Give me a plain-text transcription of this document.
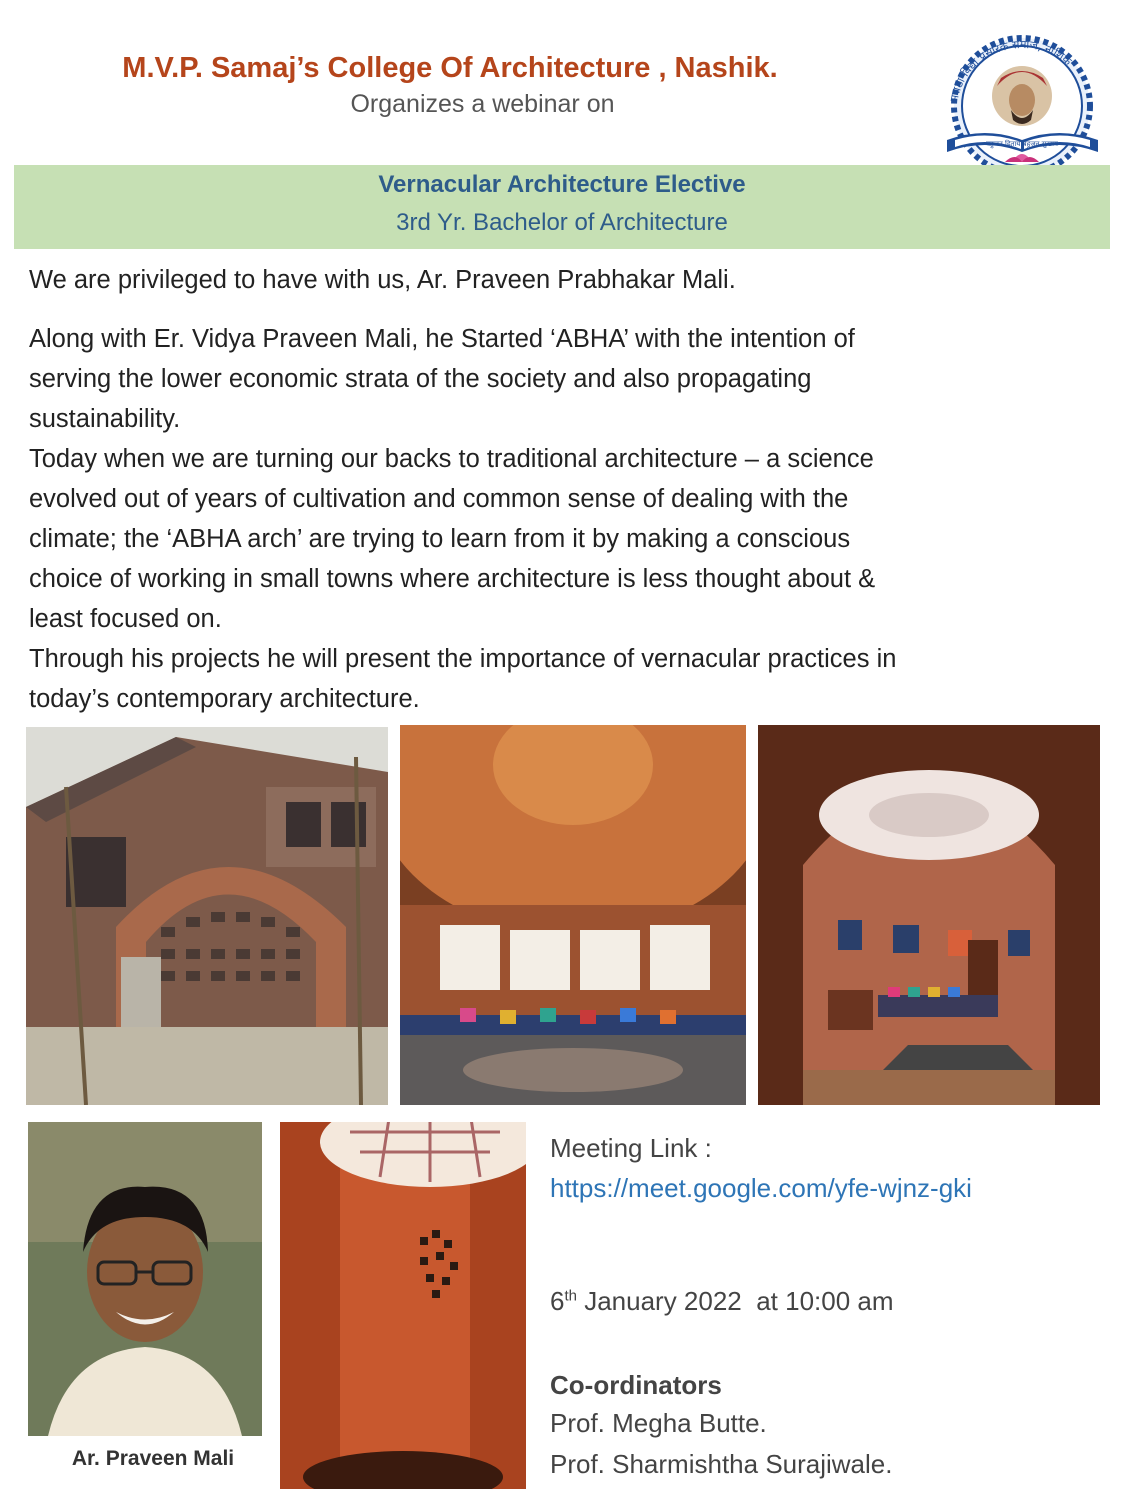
M.V.P. Samaj’s College Of Architecture , Nashik.
Organizes a webinar on	मराठा विद्या प्रसारक समाज, नाशिक
बहुजन हिताय बहुजन सुखाय
Vernacular Architecture Elective
3rd Yr. Bachelor of Architecture
We are privileged to have with us, Ar. Praveen Prabhakar Mali.
Along with Er. Vidya Praveen Mali, he Started ‘ABHA’ with the intention of
serving the lower economic strata of the society and also propagating
sustainability.
Today when we are turning our backs to traditional architecture – a science
evolved out of years of cultivation and common sense of dealing with the
climate; the ‘ABHA arch’ are trying to learn from it by making a conscious
choice of working in small towns where architecture is less thought about &
least focused on.
Through his projects he will present the importance of vernacular practices in
today’s contemporary architecture.
Ar. Praveen Mali
Meeting Link :
https://meet.google.com/yfe-wjnz-gki
6th January 2022  at 10:00 am
Co-ordinators
Prof. Megha Butte.
Prof. Sharmishtha Surajiwale.
